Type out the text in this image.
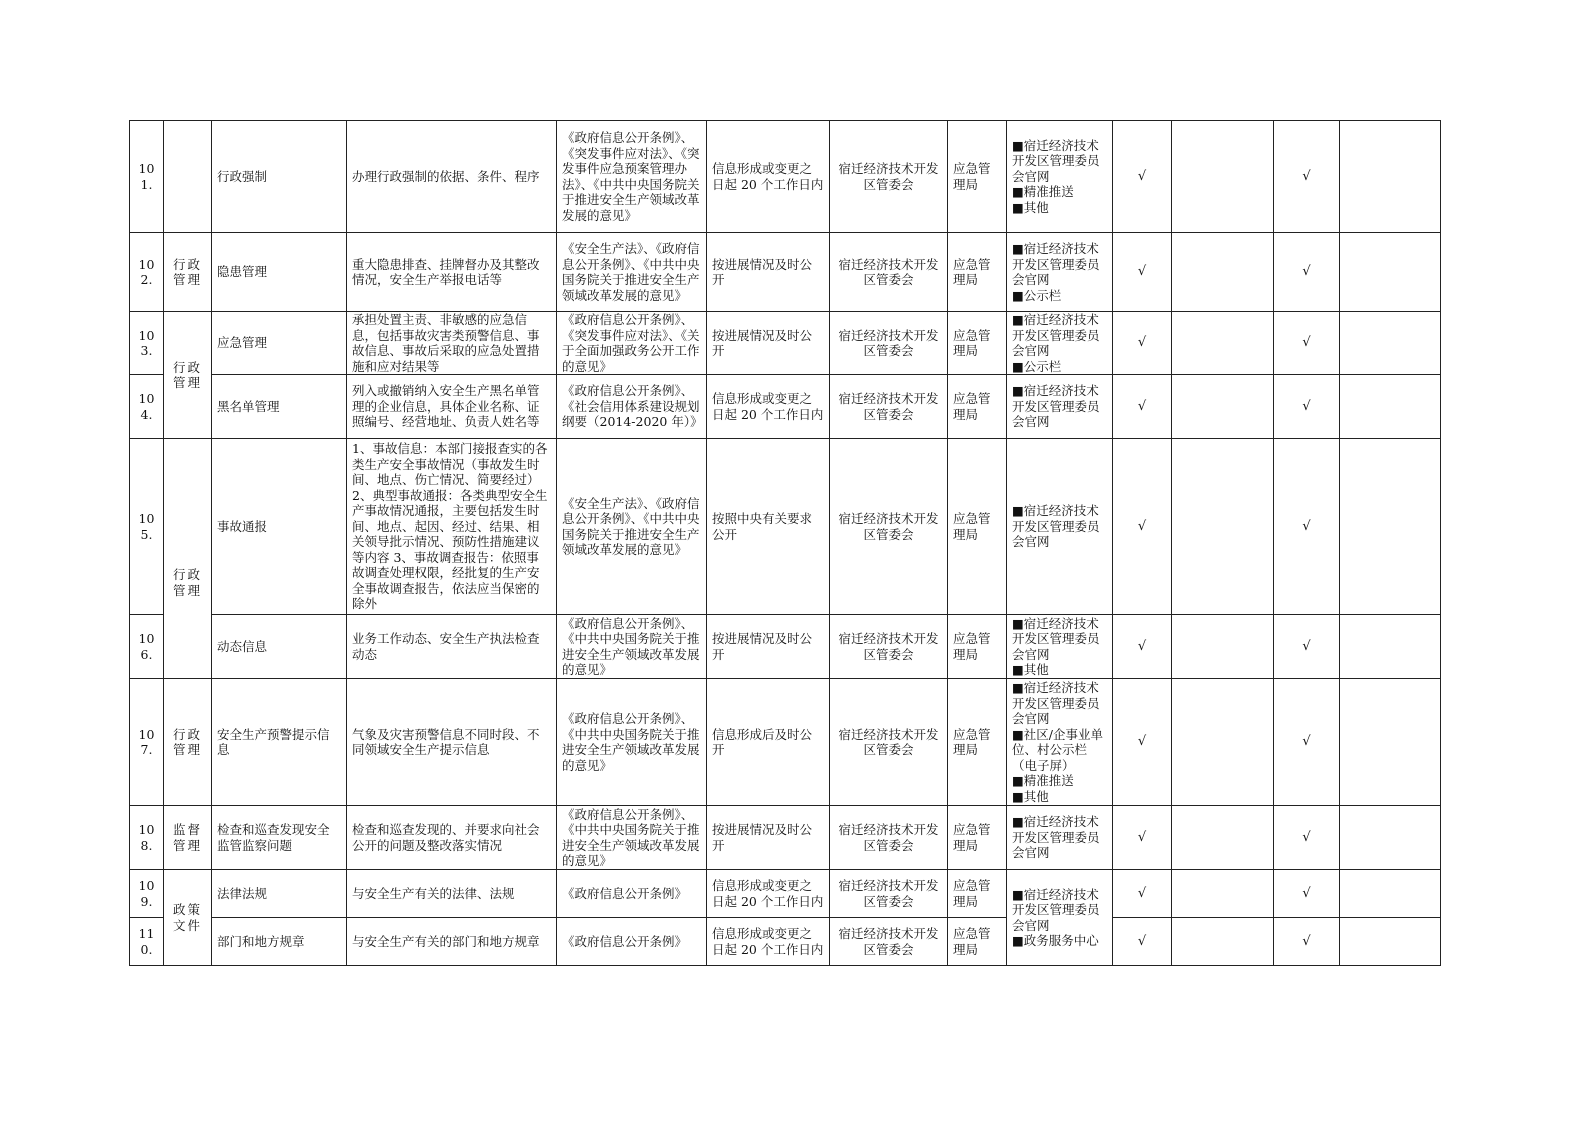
101.		行政强制	办理行政强制的依据、条件、程序	《政府信息公开条例》、《突发事件应对法》、《突发事件应急预案管理办法》、《中共中央国务院关于推进安全生产领域改革发展的意见》	信息形成或变更之日起 20 个工作日内	宿迁经济技术开发区管委会	应急管理局	■宿迁经济技术开发区管理委员会官网
■精准推送
■其他	√		√	
102.	行政管理	隐患管理	重大隐患排查、挂牌督办及其整改情况，安全生产举报电话等	《安全生产法》、《政府信息公开条例》、《中共中央国务院关于推进安全生产领域改革发展的意见》	按进展情况及时公开	宿迁经济技术开发区管委会	应急管理局	■宿迁经济技术开发区管理委员会官网
■公示栏	√		√	
103.	行政管理	应急管理	承担处置主责、非敏感的应急信息，包括事故灾害类预警信息、事故信息、事故后采取的应急处置措施和应对结果等	《政府信息公开条例》、《突发事件应对法》、《关于全面加强政务公开工作的意见》	按进展情况及时公开	宿迁经济技术开发区管委会	应急管理局	■宿迁经济技术开发区管理委员会官网
■公示栏	√		√	
104.		黑名单管理	列入或撤销纳入安全生产黑名单管理的企业信息，具体企业名称、证照编号、经营地址、负责人姓名等	《政府信息公开条例》、《社会信用体系建设规划纲要（2014-2020 年）》	信息形成或变更之日起 20 个工作日内	宿迁经济技术开发区管委会	应急管理局	■宿迁经济技术开发区管理委员会官网	√		√	
105.	行政管理	事故通报	1、事故信息：本部门接报查实的各类生产安全事故情况（事故发生时间、地点、伤亡情况、简要经过）2、典型事故通报：各类典型安全生产事故情况通报，主要包括发生时间、地点、起因、经过、结果、相关领导批示情况、预防性措施建议等内容 3、事故调查报告：依照事故调查处理权限，经批复的生产安全事故调查报告，依法应当保密的除外	《安全生产法》、《政府信息公开条例》、《中共中央国务院关于推进安全生产领域改革发展的意见》	按照中央有关要求公开	宿迁经济技术开发区管委会	应急管理局	■宿迁经济技术开发区管理委员会官网	√		√	
106.		动态信息	业务工作动态、安全生产执法检查动态	《政府信息公开条例》、《中共中央国务院关于推进安全生产领域改革发展的意见》	按进展情况及时公开	宿迁经济技术开发区管委会	应急管理局	■宿迁经济技术开发区管理委员会官网
■其他	√		√	
107.	行政管理	安全生产预警提示信息	气象及灾害预警信息不同时段、不同领域安全生产提示信息	《政府信息公开条例》、《中共中央国务院关于推进安全生产领域改革发展的意见》	信息形成后及时公开	宿迁经济技术开发区管委会	应急管理局	■宿迁经济技术开发区管理委员会官网
■社区/企事业单位、村公示栏（电子屏）
■精准推送
■其他	√		√	
108.	监督管理	检查和巡查发现安全监管监察问题	检查和巡查发现的、并要求向社会公开的问题及整改落实情况	《政府信息公开条例》、《中共中央国务院关于推进安全生产领域改革发展的意见》	按进展情况及时公开	宿迁经济技术开发区管委会	应急管理局	■宿迁经济技术开发区管理委员会官网	√		√	
109.	政策文件	法律法规	与安全生产有关的法律、法规	《政府信息公开条例》	信息形成或变更之日起 20 个工作日内	宿迁经济技术开发区管委会	应急管理局	■宿迁经济技术开发区管理委员会官网
■政务服务中心	√		√	
110.		部门和地方规章	与安全生产有关的部门和地方规章	《政府信息公开条例》	信息形成或变更之日起 20 个工作日内	宿迁经济技术开发区管委会	应急管理局		√		√	
